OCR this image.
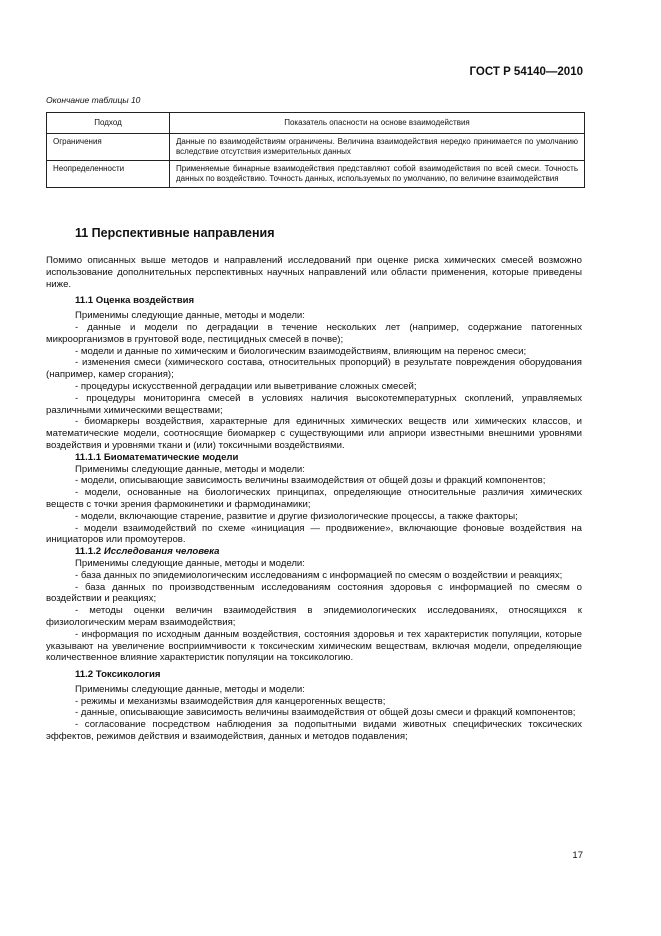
ГОСТ Р 54140—2010
Окончание таблицы 10
Подход	Показатель опасности на основе взаимодействия
Ограничения	Данные по взаимодействиям ограничены. Величина взаимодействия нередко принимается по умолчанию вследствие отсутствия измерительных данных
Неопределенности	Применяемые бинарные взаимодействия представляют собой взаимодействия по всей смеси. Точность данных по воздействию. Точность данных, используемых по умолчанию, по величине взаимодействия
11 Перспективные направления

Помимо описанных выше методов и направлений исследований при оценке риска химических смесей возможно использование дополнительных перспективных научных направлений или области применения, которые приведены ниже.

11.1 Оценка воздействия

Применимы следующие данные, методы и модели:

- данные и модели по деградации в течение нескольких лет (например, содержание патогенных микроорганизмов в грунтовой воде, пестицидных смесей в почве);

- модели и данные по химическим и биологическим взаимодействиям, влияющим на перенос смеси;

- изменения смеси (химического состава, относительных пропорций) в результате повреждения оборудования (например, камер сгорания);

- процедуры искусственной деградации или выветривание сложных смесей;

- процедуры мониторинга смесей в условиях наличия высокотемпературных скоплений, управляемых различными химическими веществами;

- биомаркеры воздействия, характерные для единичных химических веществ или химических классов, и математические модели, соотносящие биомаркер с существующими или априори известными внешними уровнями воздействия и уровнями ткани и (или) токсичными воздействиями.

11.1.1 Биоматематические модели

Применимы следующие данные, методы и модели:

- модели, описывающие зависимость величины взаимодействия от общей дозы и фракций компонентов;

- модели, основанные на биологических принципах, определяющие относительные различия химических веществ с точки зрения фармокинетики и фармодинамики;

- модели, включающие старение, развитие и другие физиологические процессы, а также факторы;

- модели взаимодействий по схеме «инициация — продвижение», включающие фоновые воздействия на инициаторов или промоутеров.

11.1.2 Исследования человека

Применимы следующие данные, методы и модели:

- база данных по эпидемиологическим исследованиям с информацией по смесям о воздействии и реакциях;

- база данных по производственным исследованиям состояния здоровья с информацией по смесям о воздействии и реакциях;

- методы оценки величин взаимодействия в эпидемиологических исследованиях, относящихся к физиологическим мерам взаимодействия;

- информация по исходным данным воздействия, состояния здоровья и тех характеристик популяции, которые указывают на увеличение восприимчивости к токсическим химическим веществам, включая модели, определяющие количественное влияние характеристик популяции на токсикологию.

11.2 Токсикология

Применимы следующие данные, методы и модели:

- режимы и механизмы взаимодействия для канцерогенных веществ;

- данные, описывающие зависимость величины взаимодействия от общей дозы смеси и фракций компонентов;

- согласование посредством наблюдения за подопытными видами животных специфических токсических эффектов, режимов действия и взаимодействия, данных и методов подавления;

17
